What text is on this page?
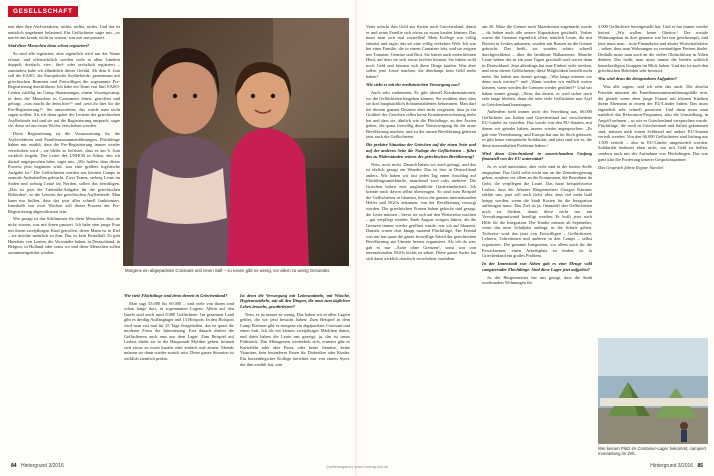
GESELLSCHAFT

nen über ihre Asylverfahren, nichts, nichts, nichts. Und das ist natürlich ungeheuer belastend. Ein Geflüchteter sagte mir, „es macht uns krank, nicht zu wissen, was mit uns passiert.

Sind diese Menschen denn schon registriert?

So sind alle registriert, aber eigentlich wird nur der Name erfasst, und offensichtlich werden viele in allen Ländern doppelt, dreifach, vier-, fünf- oder sechsfach registriert – zumindest habe ich allmählich dieses Gefühl. Ab dem 6. Juni soll die EASO, die Europäische Asylbehörde, gemeinsam mit griechischen Beamten und Freiwilligen die sogenannte Pre-Registrierung durchführen. Ich habe ein Team von fünf EASO-Leuten zufällig im Camp Skaramangas, einem Vorzeigecamp, in dem die Menschen in Containern leben, getroffen und gefragt, „was macht ihr denn hier?“ und „seid ihr hier für die Pre-Registrierung?“. Sie antworteten, das würde man nicht sagen wollen. Als ich dann später die Leiterin der griechischen Asylbehörde traf und sie auf die Registrierung ansprach, sagte sie, diese sei ein erster Woche verschoben worden.

Diese Registrierung ist die Voraussetzung für die Asylverfahren und Familienzusammenführungen. Flüchtlinge haben mir erzählt, dass die Pre-Registrierung immer wieder verschoben wird – sie bleibt so befristet, dass es am 6. Juni wirklich losgeht. Der Leiter des UNHCR in Athen, den ich darauf angesprochen habe, sagte mir, „Wir hoffen, dass dieser Prozess jetzt beginnen wird, was eine größere logistische Aufgabe ist.“ Die Geflüchteten werden aus kleinen Camps in zentrale Anlaufstellen gebracht. Zwei Teams, siebzig Leute im Süden und siebzig Leute im Norden, sollen das bewältigen. „Das ist jetzt die Tætitabla-Aufgabe für die griechischen Behörden“, so die Leiterin der griechischen Asylbehörde. Man kann nur hoffen, dass das jetzt alles schnell funktioniert. Innerhalb von zwei Wochen soll dieser Prozess der Pre-Registrierung abgeschlossen sein.

Wie gesagt ist das Schlimmste für diese Menschen, dass sie nicht wissen, was mit ihnen passiert. Ich habe eine junge Frau mit ihrem zweijährigen Kind getroffen, deren Mann ist in Kiel – sie möchte natürlich zu ihm. Das ist kein Einzelfall. Es gibt Hunderte von Leuten, die Verwandte haben, in Deutschland, in Belgien, in Holland oder sonst wo und diese Menschen sollen zusammengeführt werden.

Morgens ein abgepacktes Croissant und einen Saft – zu essen gibt es wenig, vor allem zu wenig Gesundes

Wie viele Flüchtlinge sind denn derzeit in Griechenland?

Man sagt 55.000 bis 60.000 – und viele von ihnen sind schon lange dort, in sogenannten Lagern. Allein auf den Inseln sind noch rund 8.000 Geflüchtete. Im gesamten Land gibt es dreißig Auffanglager und 13 Hotspots. In den Hotspots wird man erst mal für 25 Tage festgehalten, das ist quasi die moderne Form der Internierung. Erst danach dürfen die Geflüchteten auch raus aus dem Lager. Zum Beispiel auf Lesbos direkt sie in die Hauptstadt Mytilini gehen, können sich etwas zu essen kaufen oder einfach mal atmen. Abends müssen sie dann wieder zurück sein. Diese ganze Situation ist wirklich ziemlich prekär.

Ist denn die Versorgung mit Lebensmitteln, mit Wäsche, Hygieneartikeln, mit all den Dingen, die man zum täglichen Leben braucht, gewährleistet?

Nein, es ist immer zu wenig. Das haben wir in allen Lagern gehört, die wir jetzt besucht haben: Zum Beispiel in dem Camp Elaionas gibt es morgens ein abgepacktes Croissant und einen Saft. Ich als ein kleines zweijähriges Mädchen damit, und dann haben die Leute uns gezeigt, ja, das ist unser Frühstück. Das Mittagessen wiederholt sich, erinnert gibt es Kartoffeln oder aber Pasta, oder keine Gemüse, keine Vitamine, kein besonderes Essen für Diabetiker oder Kinder. Ein kurzentlegicher Kollege berichtet mir von einem Syrer, der ihm erzählt hat, sein

84 Hintergrund 3/2016

Vater schickt ihm Geld aus Syrien nach Griechenland, damit er und seine Familie sich etwas zu essen kaufen können. Das muss man sich mal vorstellen! Mein Kollege war völlig entsetzt und sagte, das sei eine völlig verkehrte Welt. Ich war bei einer Familie, die in einem Container lebt, und sie zeigten mir Tomaten, Gemüse und Brot. Sie hatten auch einen kleinen Herd, auf dem sie sich etwas kochen können. Sie haben wohl noch Geld und können sich diese Dinge kaufen. Was aber sollen jene Leute machen, die überhaupt kein Geld mehr haben?

Wie sieht es mit der medizinischen Versorgung aus?

Auch sehr rudimentär. Es gibt überall Krankenstationen, wo die Geflüchteten hingehen können. Sie erzählen aber, dass sie dort hauptsächlich Schmerztabletten bekommen. Man darf bei diesem ganzen Desaster aber nicht vergessen, dass ja ein Großteil der Griechen selbst keine Krankenversicherung mehr hat und dass sie, ähnlich wie die Flüchtlinge, zu den Ärzten gehen, die quasi freiwillig diese Notversorgung für die arme Bevölkerung machen, und zu der armen Bevölkerung gehören jetzt auch die Geflüchteten.

Die prekäre Situation der Griechen auf der einen Seite und auf der anderen Seite die Notlage der Geflüchteten – führt das zu Widerständen seitens der griechischen Bevölkerung?

Nein, noch nicht. Danach haben wir auch gefragt, und das ist ehrlich gesagt ein Wunder. Das ist hier in Deutschland anders. Wir haben wir fast jeden Tag einen Anschlag auf Flüchtlingsunterkünfte, manchmal zwei oder mehrere. Die Griechen haben eine unglaubliche Gastfreundschaft. Ich konnte mich davon selbst überzeugen. So sind zum Beispiel die Geflüchteten in Idomeni, bevor die ganzen internationalen Helfer und NGOs ankamen, von der Bevölkerung versorgt worden. Die griechischen Frauen haben gekocht und gesagt, die Leute müssen – bevor sie sich auf den Weiterreise machen – gut verpflegt werden. Ende August vorigen Jahres, als die Grenzen immer wieder geöffnet wurde, war ich auf Idomeni. Damals waren dort knapp tausend Flüchtlinge. Ein Freund von mir hat quasi die ganze freiwillige Arbeit der griechischen Bevölkerung am Umsetz heraus organisiert. Als ich da war, gab es nur „Ärzte ohne Grenzen“, sonst war von internationalen NGOs nichts zu sehen. Diese ganze Sache hat sich dann wirklich drastisch verschoben, nachdem

am 20. März die Grenze nach Mazedonien zugemacht wurde – da haben auch alle unsere Kapazitäten geschafft. Vorher waren die Grenzen eigentlich offen, nämlich Leute, die mit Booten in Lesbos ankamen, wurden mit Bussen an die Grenze gebracht. Das heißt, sie wurden relativ schnell durchgeschleust – über die berühmte Balkanroute. Manche Leute haben das in ein paar Tagen geschafft und waren dann in Deutschland. Jetzt allerdings hat eine Einheit viele stecken, und zwar diesen Geflüchteten, diese Möglichkeit bestellt nicht mehr. Sie haben uns immer gefragt, „Wie lange müssen wir denn noch warten?“ und „Wann werden wir endlich weiter können, wann werden die Grenzen wieder geöffnet?“ Und wir haben immer gesagt, „Nein, das dauert, es wird sicher noch sehr lange bleiben, dann das sehr viele Geflüchtete nun Asyl in Griechenland beantragen.

Außerdem steht immer noch der Verteilung aus, 66.000 Geflüchtete aus Italien und Griechenland auf verschiedene EU-Länder zu verteilen. Das wurde von den EU-Staaten, mit denen wir geredet haben, immer wieder angesprochen: „Es gab eine Vereinbarung, und Europa hat uns im Stich gelassen, es gibt keine europäische Solidarität, und jetzt sind wir es, die diese massenhaften Probleme haben.“

Wird denn Griechenland in ausreichendem Umfang finanziell von der EU unterstützt?

Ja, es wird unterstützt, aber viele sind in der letzten Stelle eingeplant. Das Geld sollte nicht nur an die Zentralregierung gehen, sondern vor allem an die Kommunen, die Bewohner da Geld, die verpflegen die Leute. Das hatte beispielsweise Lesbos, dass der Athener Bürgermeister Giorgos Kaminis erklärt uns, jetzt soll noch Geld, aber, dass viel mehr bald knapp werden, wenn die Stadt Kosten für die Integration aufbringen muss. Das Ziel ist ja, finanziell den Geflüchteten noch zu fördern, damit diese nicht nur am Verwaltungsaufwand beteiligt werden. Er hofft jetzt auch Hilfe für die Integration. Die Kinder müssen ab September, wenn das neue Schuljahr anfängt, in die Schule gehen. Teilweise wird das jetzt von Freiwilligen – Geflüchteten, Lehrern, Lehrerinnen und anderen in den Camps – selbst organisiert. Die gesamte Integration, vor allem auch für die Erwachsenen, einen Arbeitsplatz zu finden, ist in Griechenland ein großes Problem.

In der Innenstadt von Athen gab es eine Menge wild campierender Flüchtlinge. Sind diese Lager jetzt aufgelöst?

Ja, der Bürgermeister hat uns gesagt, dass die Stadt zweihundert Wohnungen für

3.000 Geflüchtete bereitgestellt hat. Und er hat immer wieder betont: „Wir wollen keine Ghettos.“ Der soziale Wohnungsbau ist dort genauso wie bei uns geschrumpft, und jetzt muss man – trotz Finanzkrise und akuter Wirtschaftskrise – sehen, dass man Wohnungen zu vernünftigen Preisen findet. Deshalb muss man auch an die vielen Obdachlosen in Athen denken. Das heißt, man muss immer die beiden wirklich benachteiligten Gruppen im Blick haben. Und das ist auch den griechischen Behörden sehr bewusst.

Was wird denn die dringendsten Aufgaben?

Was alle sagten, und ich sehe das auch: Die absolut Priorität müssten die Familienzusammenführungsfälle sein, die gerade wenn eben junge Frauen mit kleinen Kindern ihrem Ehemann in einem der EU-Länder haben. Das muss eigentlich sehr schnell passieren. Und dann muss man natürlich das Relocation-Programm, also die Umsiedlung, in Angriff nehmen – so wie es Griechenland versprochen wurde. Flüchtlinge, die noch in Griechenland und Italien gekommen sind, müssen nach einem Schlüssel auf andere EU-Staaten verteilt werden. Von den 66.000 Geflüchteten sind bislang nur 1.500 verteilt – also in EU-Länder umgesiedelt worden. Solidarität bedeutet eben nicht, nur mit Geld zu helfen, sondern auch mit der Aufnahme von Flüchtlingen. Das war ganz klar die Forderung unserer Gesprächspartner.

Das Gespräch führte Regine Naeckel

Wer keinen Platz im Container-Lager bekommt, campiert monatelang im Zelt.
Hintergrund 3/2016 85
Quelle/angaben: www.hintergrund.de
